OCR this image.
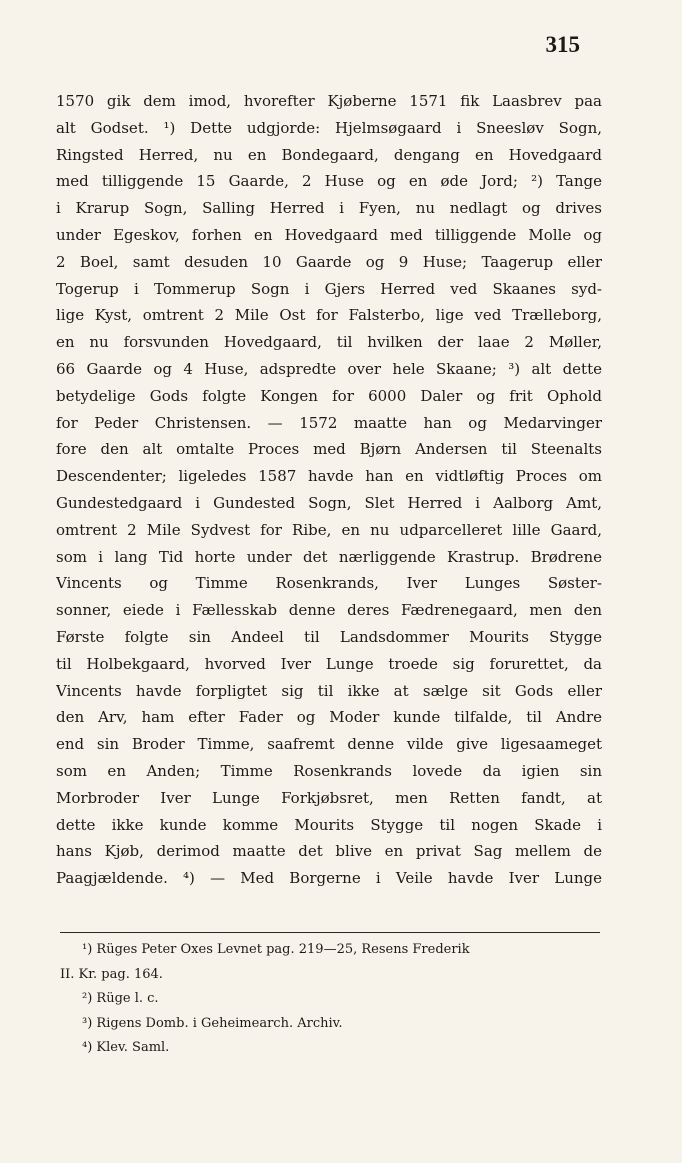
315
1570 gik dem imod, hvorefter Kjøberne 1571 fik Laasbrev paa
alt Godset. ¹) Dette udgjorde: Hjelmsøgaard i Sneesløv Sogn,
Ringsted Herred, nu en Bondegaard, dengang en Hovedgaard
med tilliggende 15 Gaarde, 2 Huse og en øde Jord; ²) Tange
i Krarup Sogn, Salling Herred i Fyen, nu nedlagt og drives
under Egeskov, forhen en Hovedgaard med tilliggende Molle og
2 Boel, samt desuden 10 Gaarde og 9 Huse; Taagerup eller
Togerup i Tommerup Sogn i Gjers Herred ved Skaanes syd-
lige Kyst, omtrent 2 Mile Ost for Falsterbo, lige ved Trælleborg,
en nu forsvunden Hovedgaard, til hvilken der laae 2 Møller,
66 Gaarde og 4 Huse, adspredte over hele Skaane; ³) alt dette
betydelige Gods folgte Kongen for 6000 Daler og frit Ophold
for Peder Christensen. — 1572 maatte han og Medarvinger
fore den alt omtalte Proces med Bjørn Andersen til Steenalts
Descendenter; ligeledes 1587 havde han en vidtløftig Proces om
Gundestedgaard i Gundested Sogn, Slet Herred i Aalborg Amt,
omtrent 2 Mile Sydvest for Ribe, en nu udparcelleret lille Gaard,
som i lang Tid horte under det nærliggende Krastrup. Brødrene
Vincents og Timme Rosenkrands, Iver Lunges Søster-
sonner, eiede i Fællesskab denne deres Fædrenegaard, men den
Første folgte sin Andeel til Landsdommer Mourits Stygge
til Holbekgaard, hvorved Iver Lunge troede sig forurettet, da
Vincents havde forpligtet sig til ikke at sælge sit Gods eller
den Arv, ham efter Fader og Moder kunde tilfalde, til Andre
end sin Broder Timme, saafremt denne vilde give ligesaameget
som en Anden; Timme Rosenkrands lovede da igien sin
Morbroder Iver Lunge Forkjøbsret, men Retten fandt, at
dette ikke kunde komme Mourits Stygge til nogen Skade i
hans Kjøb, derimod maatte det blive en privat Sag mellem de
Paagjældende. ⁴) — Med Borgerne i Veile havde Iver Lunge
¹) Rüges Peter Oxes Levnet pag. 219—25, Resens Frederik
II. Kr. pag. 164.
²) Rüge l. c.
³) Rigens Domb. i Geheimearch. Archiv.
⁴) Klev. Saml.
